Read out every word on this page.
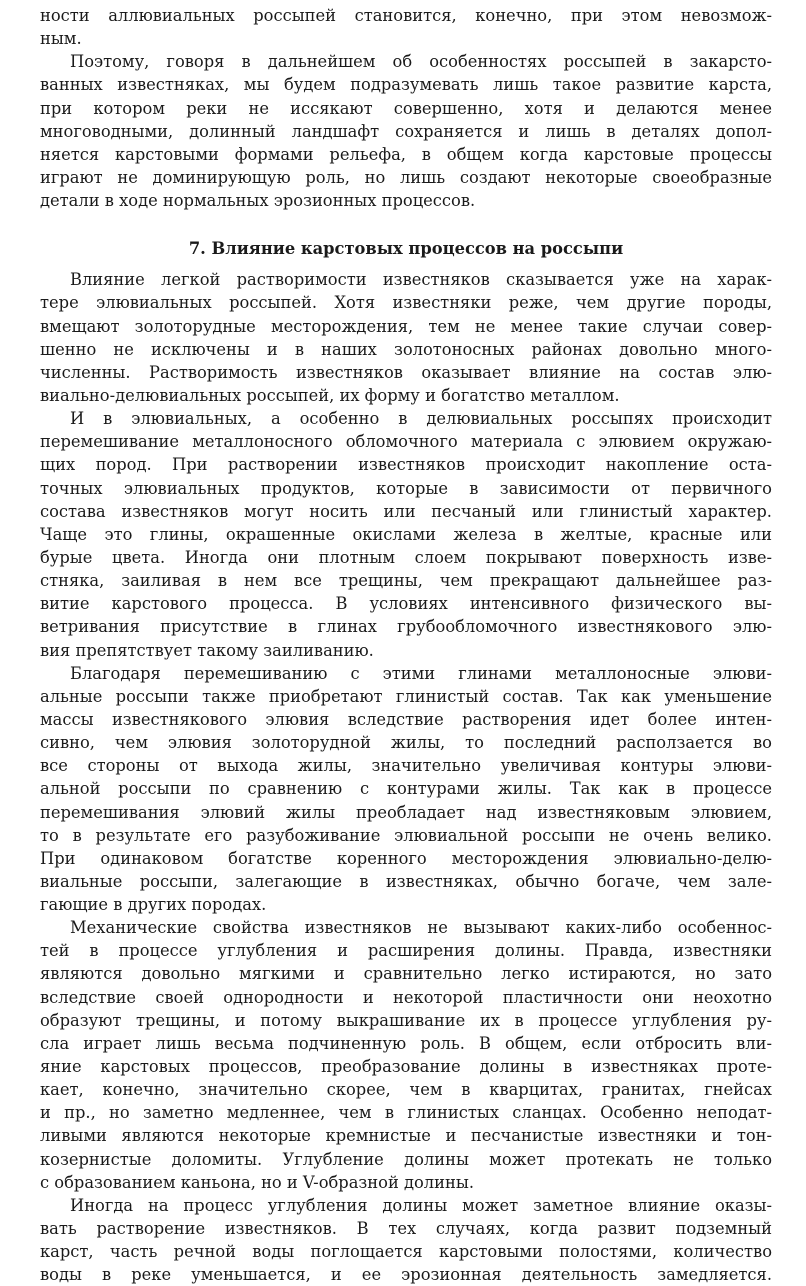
ности аллювиальных россыпей становится, конечно, при этом невозмож-
ным.
Поэтому, говоря в дальнейшем об особенностях россыпей в закарсто-
ванных известняках, мы будем подразумевать лишь такое развитие карста,
при котором реки не иссякают совершенно, хотя и делаются менее
многоводными, долинный ландшафт сохраняется и лишь в деталях допол-
няется карстовыми формами рельефа, в общем когда карстовые процессы
играют не доминирующую роль, но лишь создают некоторые своеобразные
детали в ходе нормальных эрозионных процессов.
7. Влияние карстовых процессов на россыпи
Влияние легкой растворимости известняков сказывается уже на харак-
тере элювиальных россыпей. Хотя известняки реже, чем другие породы,
вмещают золоторудные месторождения, тем не менее такие случаи совер-
шенно не исключены и в наших золотоносных районах довольно много-
численны. Растворимость известняков оказывает влияние на состав элю-
виально-делювиальных россыпей, их форму и богатство металлом.
И в элювиальных, а особенно в делювиальных россыпях происходит
перемешивание металлоносного обломочного материала с элювием окружаю-
щих пород. При растворении известняков происходит накопление оста-
точных элювиальных продуктов, которые в зависимости от первичного
состава известняков могут носить или песчаный или глинистый характер.
Чаще это глины, окрашенные окислами железа в желтые, красные или
бурые цвета. Иногда они плотным слоем покрывают поверхность изве-
стняка, заиливая в нем все трещины, чем прекращают дальнейшее раз-
витие карстового процесса. В условиях интенсивного физического вы-
ветривания присутствие в глинах грубообломочного известнякового элю-
вия препятствует такому заиливанию.
Благодаря перемешиванию с этими глинами металлоносные элюви-
альные россыпи также приобретают глинистый состав. Так как уменьшение
массы известнякового элювия вследствие растворения идет более интен-
сивно, чем элювия золоторудной жилы, то последний расползается во
все стороны от выхода жилы, значительно увеличивая контуры элюви-
альной россыпи по сравнению с контурами жилы. Так как в процессе
перемешивания элювий жилы преобладает над известняковым элювием,
то в результате его разубоживание элювиальной россыпи не очень велико.
При одинаковом богатстве коренного месторождения элювиально-делю-
виальные россыпи, залегающие в известняках, обычно богаче, чем зале-
гающие в других породах.
Механические свойства известняков не вызывают каких-либо особеннос-
тей в процессе углубления и расширения долины. Правда, известняки
являются довольно мягкими и сравнительно легко истираются, но зато
вследствие своей однородности и некоторой пластичности они неохотно
образуют трещины, и потому выкрашивание их в процессе углубления ру-
сла играет лишь весьма подчиненную роль. В общем, если отбросить вли-
яние карстовых процессов, преобразование долины в известняках проте-
кает, конечно, значительно скорее, чем в кварцитах, гранитах, гнейсах
и пр., но заметно медленнее, чем в глинистых сланцах. Особенно неподат-
ливыми являются некоторые кремнистые и песчанистые известняки и тон-
козернистые доломиты. Углубление долины может протекать не только
с образованием каньона, но и V-образной долины.
Иногда на процесс углубления долины может заметное влияние оказы-
вать растворение известняков. В тех случаях, когда развит подземный
карст, часть речной воды поглощается карстовыми полостями, количество
воды в реке уменьшается, и ее эрозионная деятельность замедляется.
